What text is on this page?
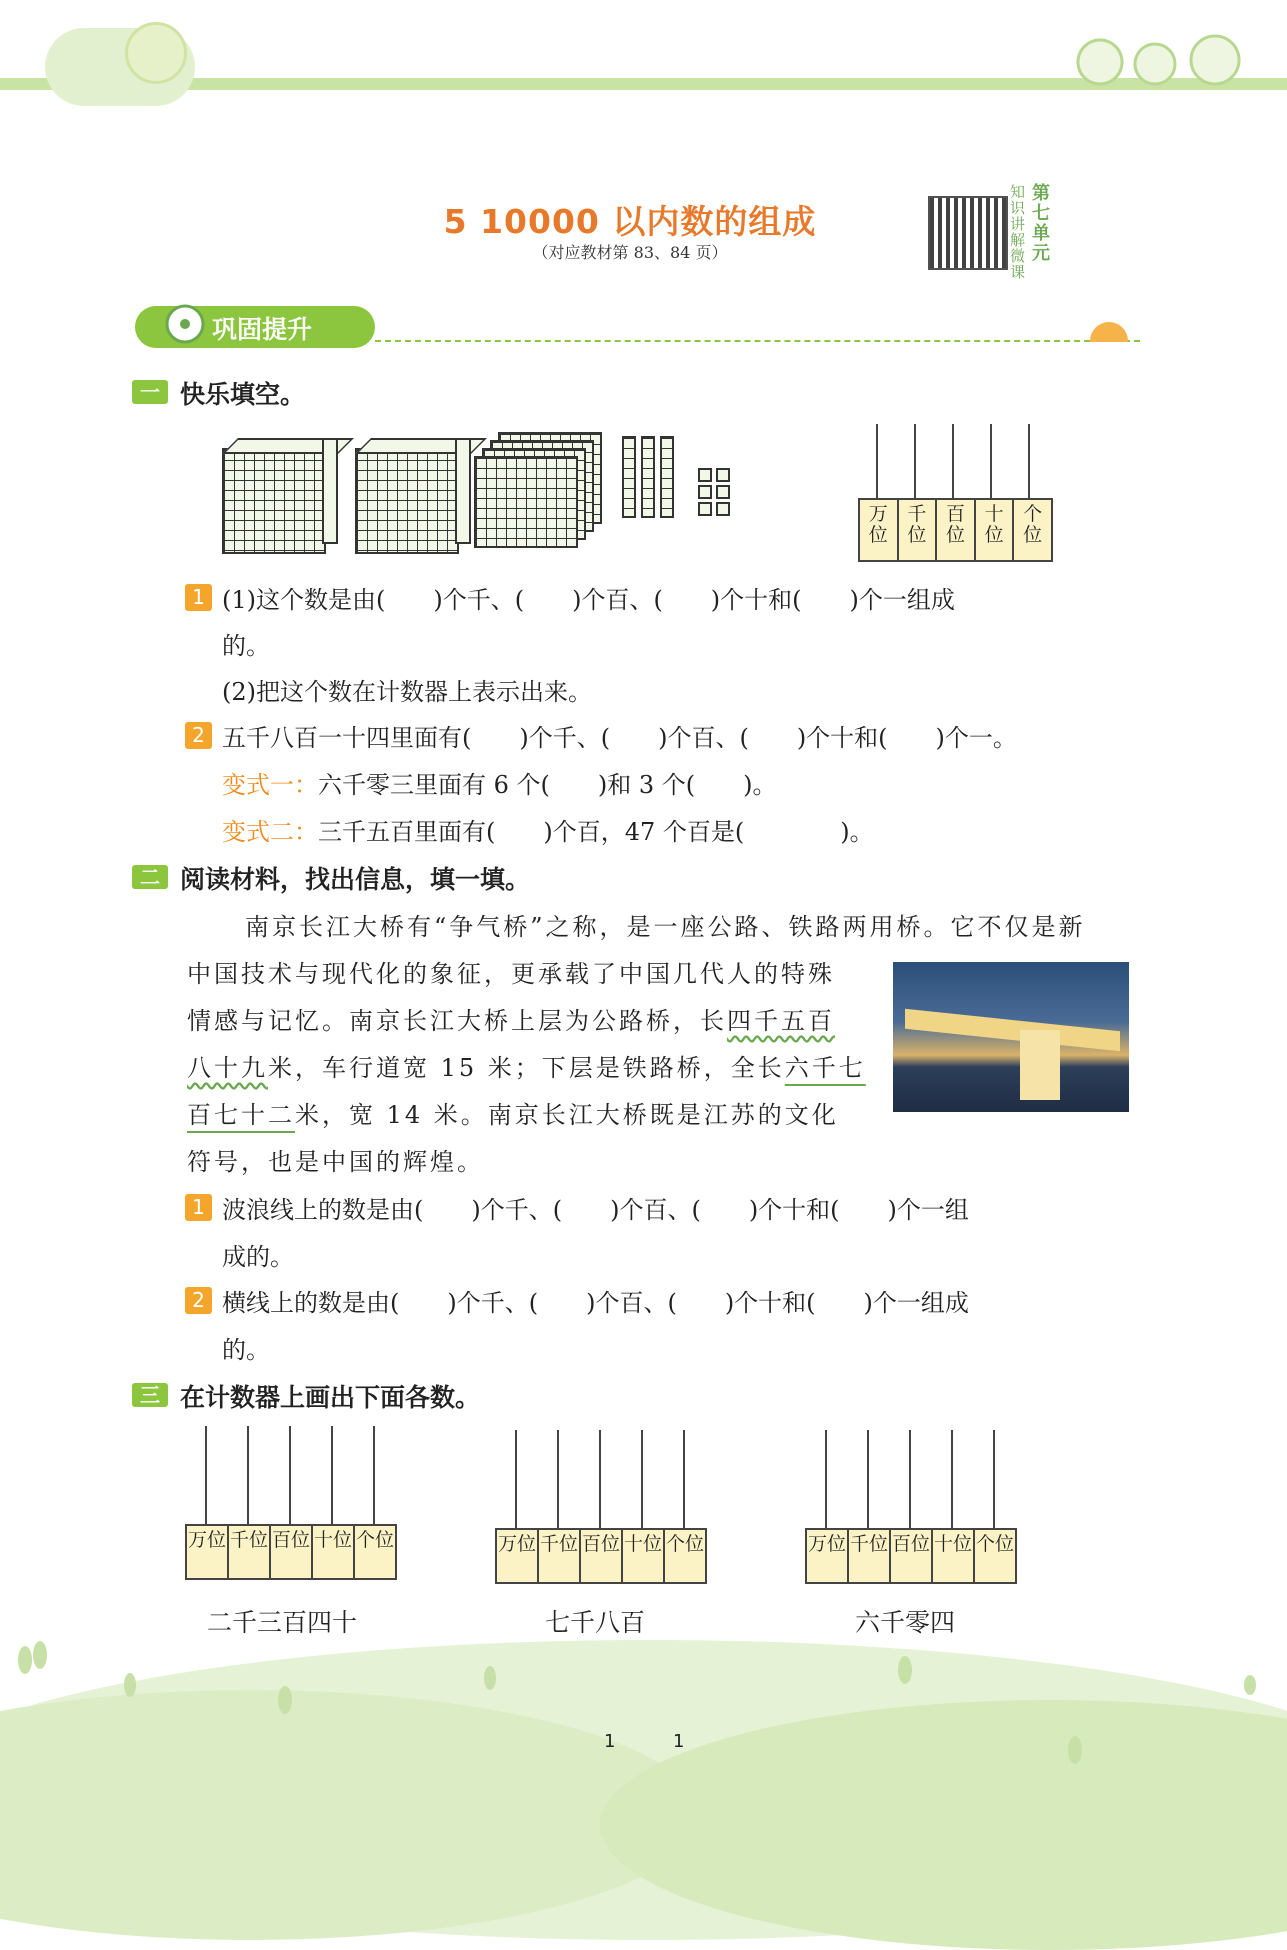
5 10000 以内数的组成
（对应教材第 83、84 页）
知识讲解微课
第七单元
巩固提升
一 快乐填空。
万位
千位
百位
十位
个位
1 (1)这个数是由(　　)个千、(　　)个百、(　　)个十和(　　)个一组成
的。
(2)把这个数在计数器上表示出来。
2 五千八百一十四里面有(　　)个千、(　　)个百、(　　)个十和(　　)个一。
变式一：六千零三里面有 6 个(　　)和 3 个(　　)。
变式二：三千五百里面有(　　)个百，47 个百是(　　　　)。
二 阅读材料，找出信息，填一填。
南京长江大桥有“争气桥”之称，是一座公路、铁路两用桥。它不仅是新
中国技术与现代化的象征，更承载了中国几代人的特殊
情感与记忆。南京长江大桥上层为公路桥，长四千五百
八十九米，车行道宽 15 米；下层是铁路桥，全长六千七
百七十二米，宽 14 米。南京长江大桥既是江苏的文化
符号，也是中国的辉煌。
1 波浪线上的数是由(　　)个千、(　　)个百、(　　)个十和(　　)个一组
成的。
2 横线上的数是由(　　)个千、(　　)个百、(　　)个十和(　　)个一组成
的。
三 在计数器上画出下面各数。
万位 千位 百位 十位 个位
二千三百四十
万位 千位 百位 十位 个位
七千八百
万位 千位 百位 十位 个位
六千零四
1	1
